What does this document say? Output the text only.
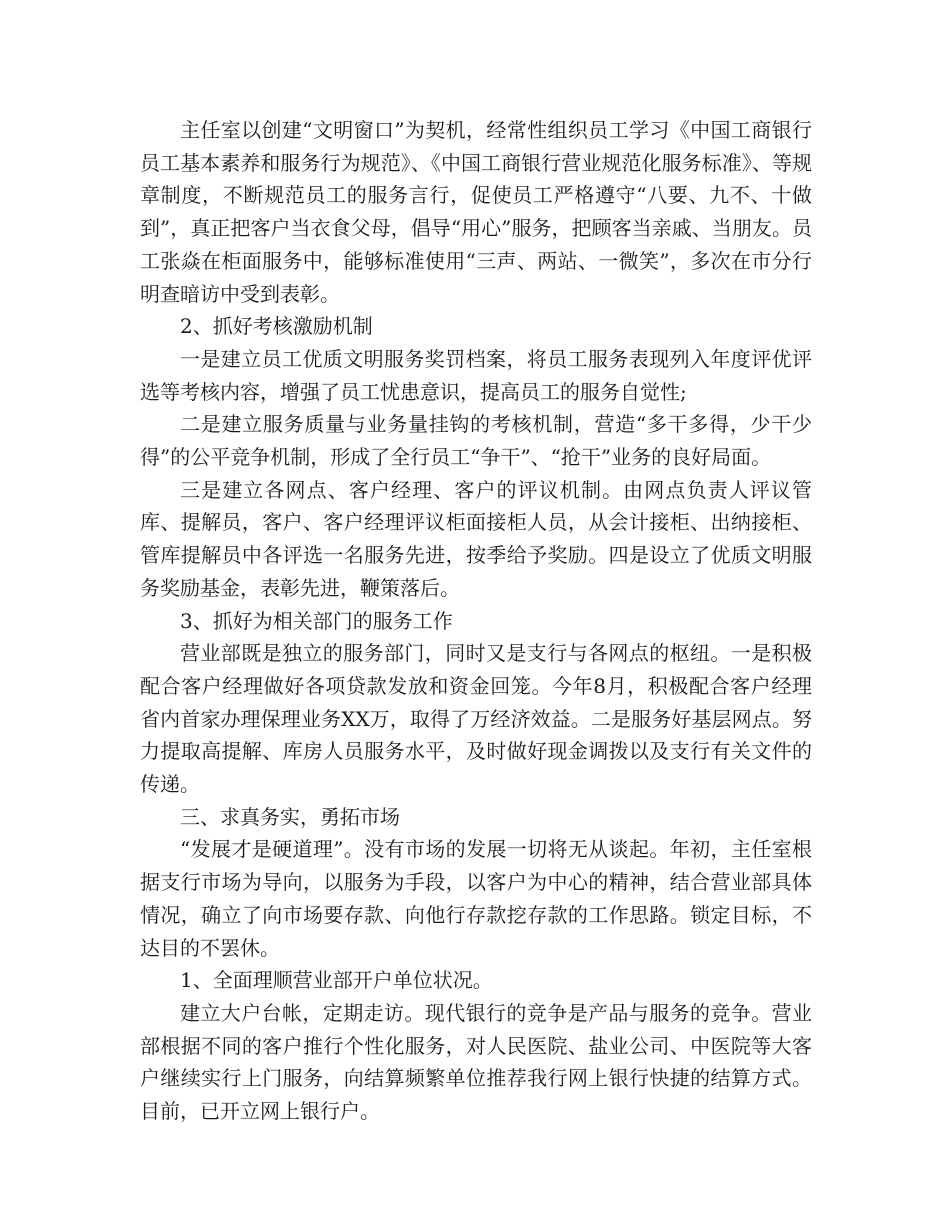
主任室以创建“文明窗口”为契机，经常性组织员工学习《中国工商银行员工基本素养和服务行为规范》、《中国工商银行营业规范化服务标准》、等规章制度，不断规范员工的服务言行，促使员工严格遵守“八要、九不、十做到”，真正把客户当衣食父母，倡导“用心”服务，把顾客当亲戚、当朋友。员工张焱在柜面服务中，能够标准使用“三声、两站、一微笑”，多次在市分行明查暗访中受到表彰。

2、抓好考核激励机制

一是建立员工优质文明服务奖罚档案，将员工服务表现列入年度评优评选等考核内容，增强了员工忧患意识，提高员工的服务自觉性;

二是建立服务质量与业务量挂钩的考核机制，营造“多干多得，少干少得”的公平竞争机制，形成了全行员工“争干”、“抢干”业务的良好局面。

三是建立各网点、客户经理、客户的评议机制。由网点负责人评议管库、提解员，客户、客户经理评议柜面接柜人员，从会计接柜、出纳接柜、管库提解员中各评选一名服务先进，按季给予奖励。四是设立了优质文明服务奖励基金，表彰先进，鞭策落后。

3、抓好为相关部门的服务工作

营业部既是独立的服务部门，同时又是支行与各网点的枢纽。一是积极配合客户经理做好各项贷款发放和资金回笼。今年8月，积极配合客户经理省内首家办理保理业务XX万，取得了万经济效益。二是服务好基层网点。努力提取高提解、库房人员服务水平，及时做好现金调拨以及支行有关文件的传递。

三、求真务实，勇拓市场

“发展才是硬道理”。没有市场的发展一切将无从谈起。年初，主任室根据支行市场为导向，以服务为手段，以客户为中心的精神，结合营业部具体情况，确立了向市场要存款、向他行存款挖存款的工作思路。锁定目标，不达目的不罢休。

1、全面理顺营业部开户单位状况。

建立大户台帐，定期走访。现代银行的竞争是产品与服务的竞争。营业部根据不同的客户推行个性化服务，对人民医院、盐业公司、中医院等大客户继续实行上门服务，向结算频繁单位推荐我行网上银行快捷的结算方式。目前，已开立网上银行户。
